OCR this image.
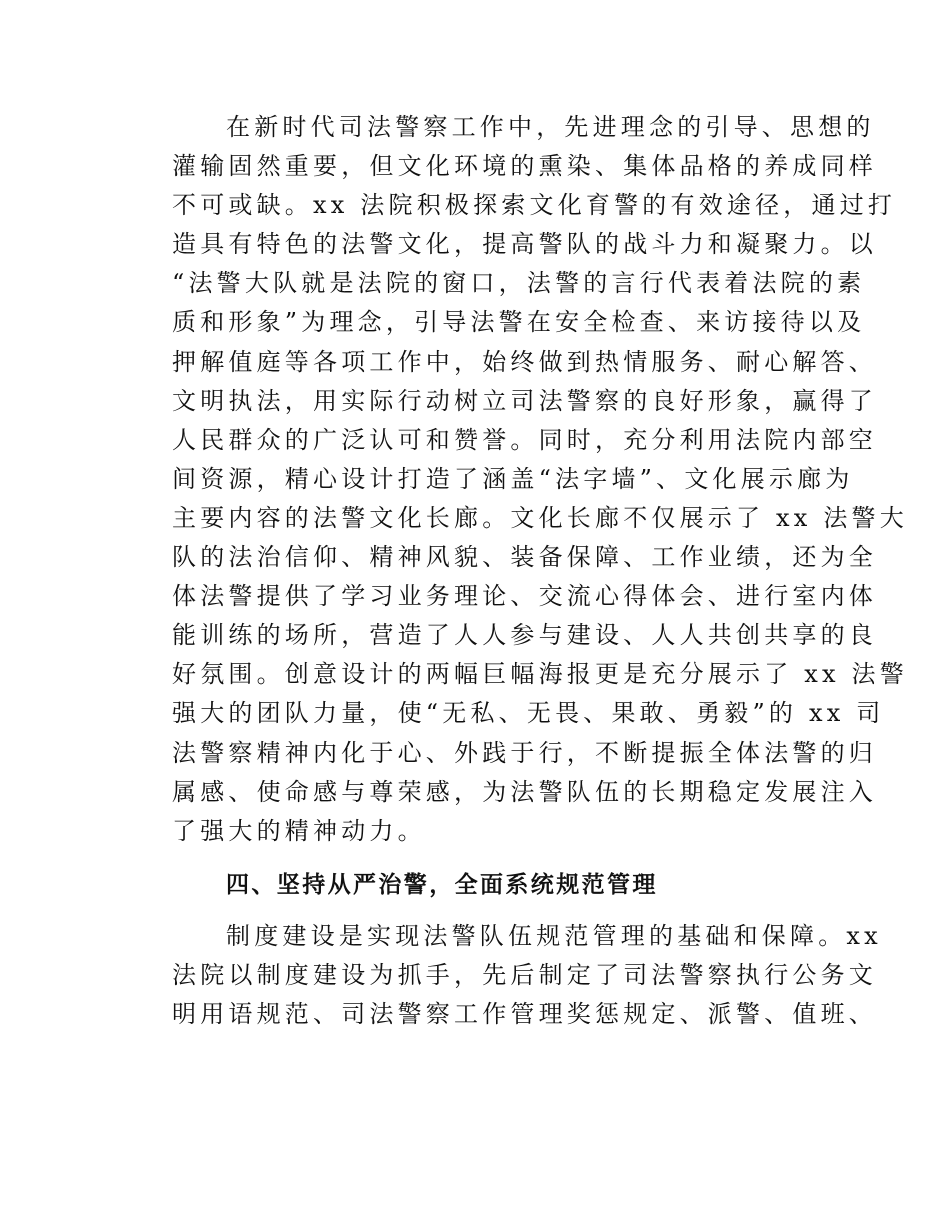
在新时代司法警察工作中，先进理念的引导、思想的
灌输固然重要，但文化环境的熏染、集体品格的养成同样
不可或缺。xx 法院积极探索文化育警的有效途径，通过打
造具有特色的法警文化，提高警队的战斗力和凝聚力。以
“法警大队就是法院的窗口，法警的言行代表着法院的素
质和形象”为理念，引导法警在安全检查、来访接待以及
押解值庭等各项工作中，始终做到热情服务、耐心解答、
文明执法，用实际行动树立司法警察的良好形象，赢得了
人民群众的广泛认可和赞誉。同时，充分利用法院内部空
间资源，精心设计打造了涵盖“法字墙”、文化展示廊为
主要内容的法警文化长廊。文化长廊不仅展示了 xx 法警大
队的法治信仰、精神风貌、装备保障、工作业绩，还为全
体法警提供了学习业务理论、交流心得体会、进行室内体
能训练的场所，营造了人人参与建设、人人共创共享的良
好氛围。创意设计的两幅巨幅海报更是充分展示了 xx 法警
强大的团队力量，使“无私、无畏、果敢、勇毅”的 xx 司
法警察精神内化于心、外践于行，不断提振全体法警的归
属感、使命感与尊荣感，为法警队伍的长期稳定发展注入
了强大的精神动力。
四、坚持从严治警，全面系统规范管理
制度建设是实现法警队伍规范管理的基础和保障。xx
法院以制度建设为抓手，先后制定了司法警察执行公务文
明用语规范、司法警察工作管理奖惩规定、派警、值班、
